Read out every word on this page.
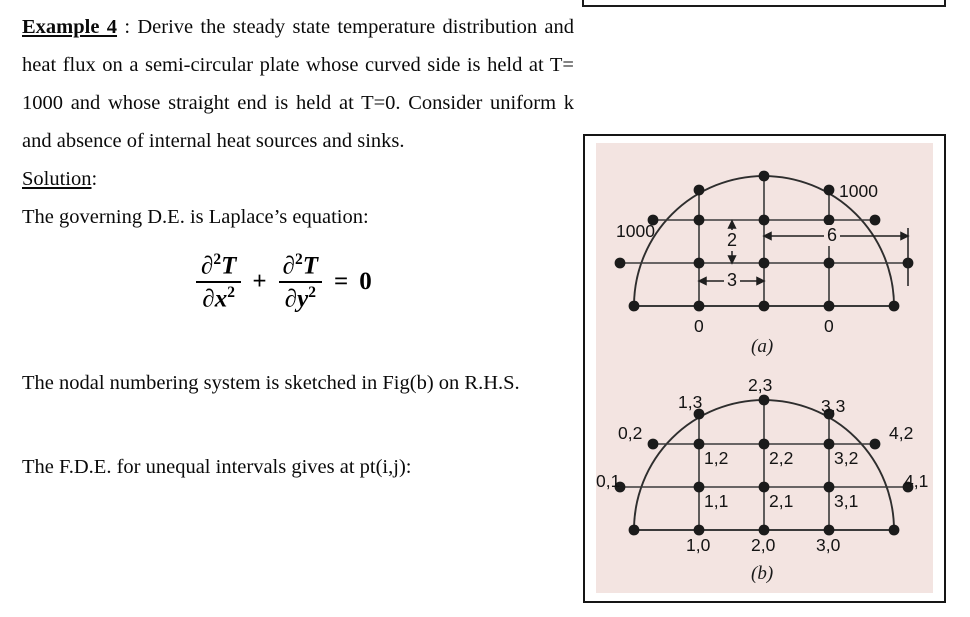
Example 4 : Derive the steady state temperature distribution and heat flux on a semi-circular plate whose curved side is held at T= 1000 and whose straight end is held at T=0. Consider uniform k and absence of internal heat sources and sinks.

Solution:

The governing D.E. is Laplace’s equation:

$\frac{\partial^2T}{\partial x^2} + \frac{\partial^2T}{\partial y^2} = 0$

The nodal numbering system is sketched in Fig(b) on R.H.S.

The F.D.E. for unequal intervals gives at pt(i,j):

1000
1000
0	0
2
3
6
(a)
0,1
0,2
1,0
1,1
1,2
1,3
2,0
2,1
2,2
2,3
3,0
3,1
3,2
3,3
4,1
4,2
(b)
